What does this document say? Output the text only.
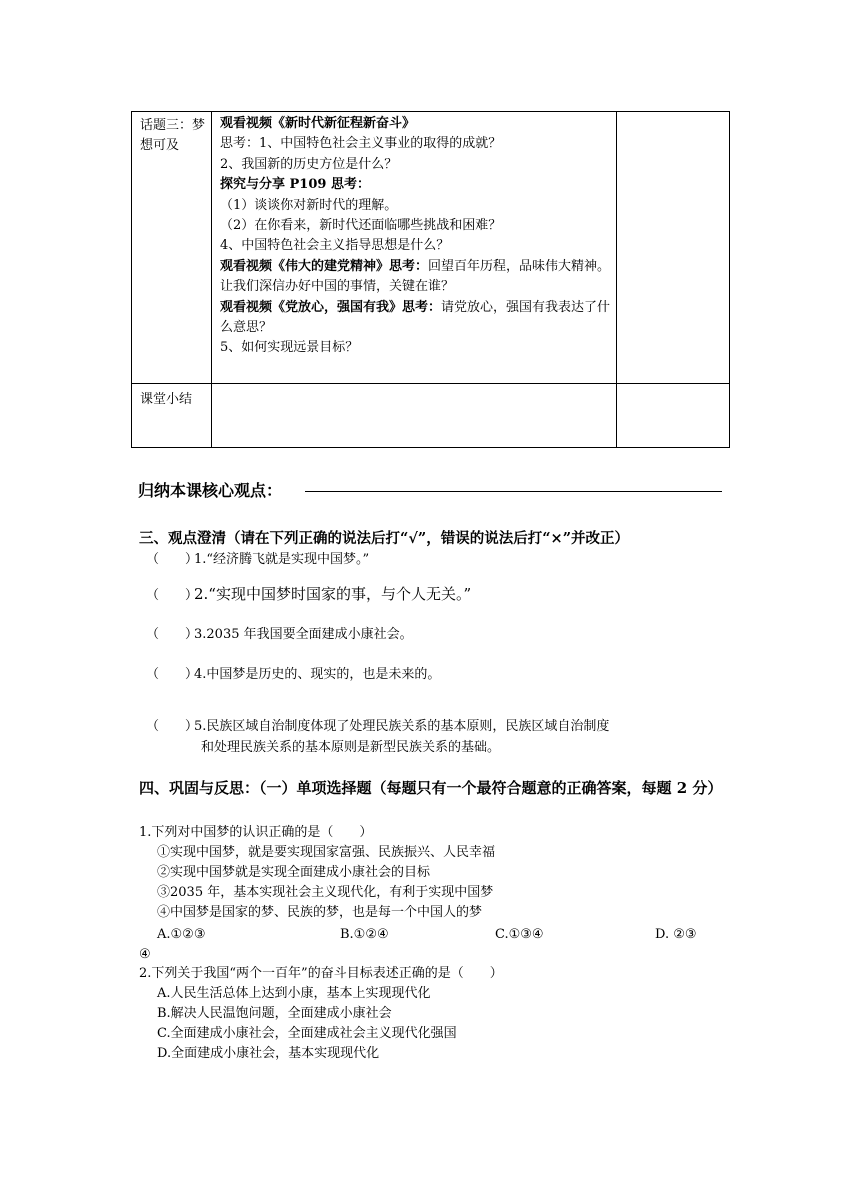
话题三：梦想可及
观看视频《新时代新征程新奋斗》
思考：1、中国特色社会主义事业的取得的成就？
2、我国新的历史方位是什么？
探究与分享 P109 思考：
（1）谈谈你对新时代的理解。
（2）在你看来，新时代还面临哪些挑战和困难？
4、中国特色社会主义指导思想是什么？
观看视频《伟大的建党精神》思考：回望百年历程，品味伟大精神。让我们深信办好中国的事情，关键在谁？
观看视频《党放心，强国有我》思考：请党放心，强国有我表达了什么意思？
5、如何实现远景目标？
课堂小结
归纳本课核心观点：
三、观点澄清（请在下列正确的说法后打“√”，错误的说法后打“×”并改正）
（　　）1.“经济腾飞就是实现中国梦。”
（　　）2.“实现中国梦时国家的事，与个人无关。”
（　　）3.2035 年我国要全面建成小康社会。
（　　）4.中国梦是历史的、现实的，也是未来的。
（　　）5.民族区域自治制度体现了处理民族关系的基本原则，民族区域自治制度
和处理民族关系的基本原则是新型民族关系的基础。
四、巩固与反思：（一）单项选择题（每题只有一个最符合题意的正确答案，每题 2 分）
1.下列对中国梦的认识正确的是（　　）
①实现中国梦，就是要实现国家富强、民族振兴、人民幸福
②实现中国梦就是实现全面建成小康社会的目标
③2035 年，基本实现社会主义现代化，有利于实现中国梦
④中国梦是国家的梦、民族的梦，也是每一个中国人的梦
A.①②③	B.①②④	C.①③④	D. ②③
④
2.下列关于我国“两个一百年”的奋斗目标表述正确的是（　　）
A.人民生活总体上达到小康，基本上实现现代化
B.解决人民温饱问题，全面建成小康社会
C.全面建成小康社会，全面建成社会主义现代化强国
D.全面建成小康社会，基本实现现代化
